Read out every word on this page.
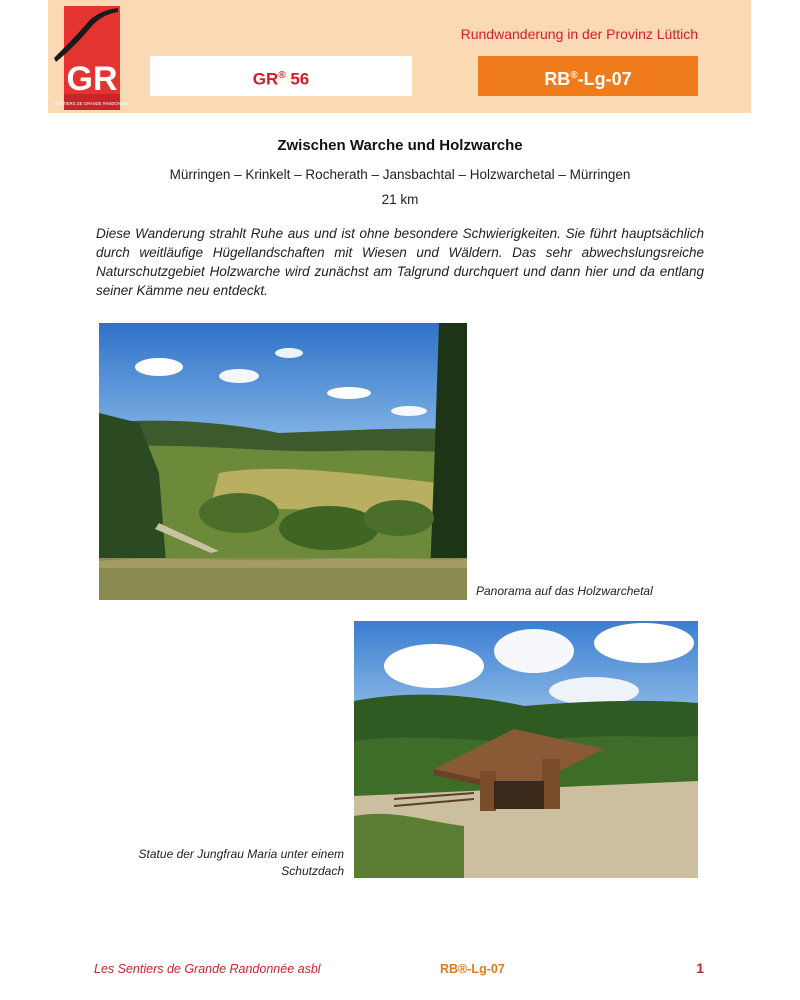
GR
SENTIERS DE GRANDE RANDONNÉE
Rundwanderung in der Provinz Lüttich
GR® 56	RB®-Lg-07
Zwischen Warche und Holzwarche
Mürringen – Krinkelt – Rocherath – Jansbachtal – Holzwarchetal – Mürringen
21 km
Diese Wanderung strahlt Ruhe aus und ist ohne besondere Schwierigkeiten. Sie führt hauptsächlich durch weitläufige Hügellandschaften mit Wiesen und Wäldern. Das sehr abwechslungsreiche Naturschutzgebiet Holzwarche wird zunächst am Talgrund durchquert und dann hier und da entlang seiner Kämme neu entdeckt.
Panorama auf das Holzwarchetal
Statue der Jungfrau Maria unter einem Schutzdach
Les Sentiers de Grande Randonnée asbl	RB®-Lg-07	1
